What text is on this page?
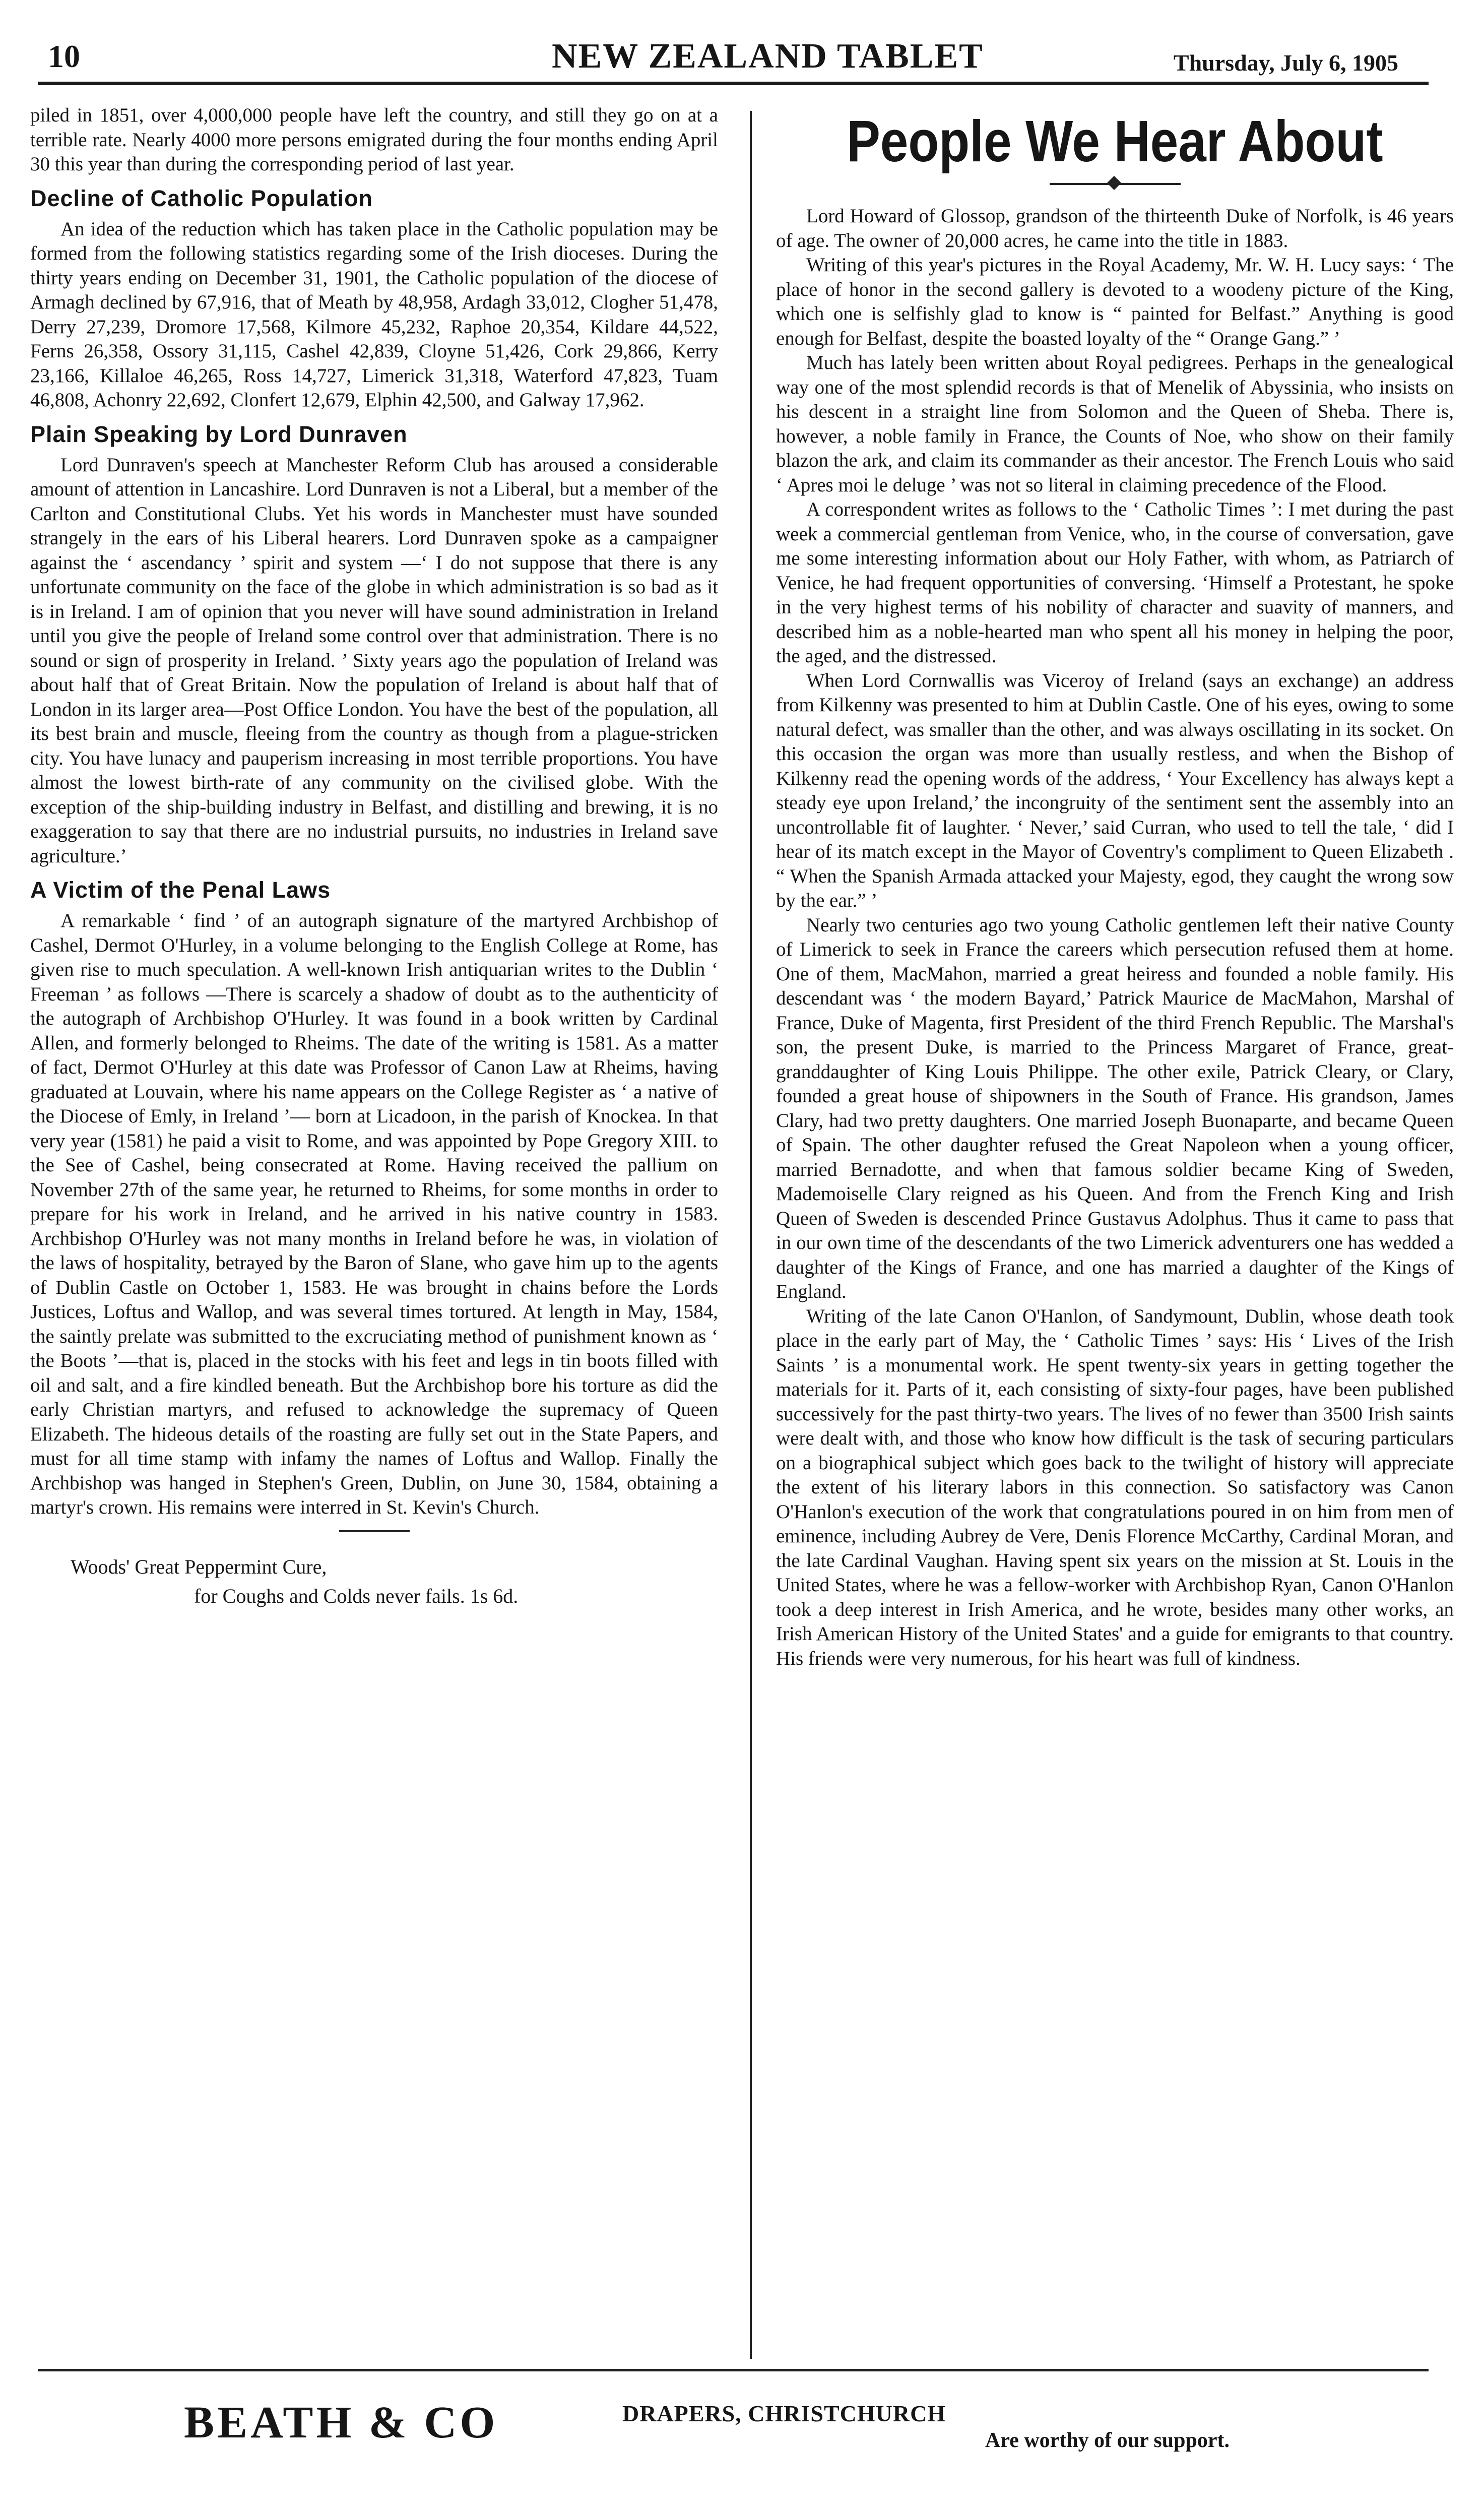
10	NEW ZEALAND TABLET	Thursday, July 6, 1905

piled in 1851, over 4,000,000 people have left the country, and still they go on at a terrible rate. Nearly 4000 more persons emigrated during the four months ending April 30 this year than during the corresponding period of last year.

Decline of Catholic Population

An idea of the reduction which has taken place in the Catholic population may be formed from the following statistics regarding some of the Irish dioceses. During the thirty years ending on December 31, 1901, the Catholic population of the diocese of Armagh declined by 67,916, that of Meath by 48,958, Ardagh 33,012, Clogher 51,478, Derry 27,239, Dromore 17,568, Kilmore 45,232, Raphoe 20,354, Kildare 44,522, Ferns 26,358, Ossory 31,115, Cashel 42,839, Cloyne 51,426, Cork 29,866, Kerry 23,166, Killaloe 46,265, Ross 14,727, Limerick 31,318, Waterford 47,823, Tuam 46,808, Achonry 22,692, Clonfert 12,679, Elphin 42,500, and Galway 17,962.

Plain Speaking by Lord Dunraven

Lord Dunraven's speech at Manchester Reform Club has aroused a considerable amount of attention in Lancashire. Lord Dunraven is not a Liberal, but a member of the Carlton and Constitutional Clubs. Yet his words in Manchester must have sounded strangely in the ears of his Liberal hearers. Lord Dunraven spoke as a campaigner against the ‘ ascendancy ’ spirit and system —‘ I do not suppose that there is any unfortunate community on the face of the globe in which administration is so bad as it is in Ireland. I am of opinion that you never will have sound administration in Ireland until you give the people of Ireland some control over that administration. There is no sound or sign of prosperity in Ireland. ’ Sixty years ago the population of Ireland was about half that of Great Britain. Now the population of Ireland is about half that of London in its larger area—Post Office London. You have the best of the population, all its best brain and muscle, fleeing from the country as though from a plague-stricken city. You have lunacy and pauperism increasing in most terrible proportions. You have almost the lowest birth-rate of any community on the civilised globe. With the exception of the ship-building industry in Belfast, and distilling and brewing, it is no exaggeration to say that there are no industrial pursuits, no industries in Ireland save agriculture.’

A Victim of the Penal Laws

A remarkable ‘ find ’ of an autograph signature of the martyred Archbishop of Cashel, Dermot O'Hurley, in a volume belonging to the English College at Rome, has given rise to much speculation. A well-known Irish antiquarian writes to the Dublin ‘ Freeman ’ as follows —There is scarcely a shadow of doubt as to the authenticity of the autograph of Archbishop O'Hurley. It was found in a book written by Cardinal Allen, and formerly belonged to Rheims. The date of the writing is 1581. As a matter of fact, Dermot O'Hurley at this date was Professor of Canon Law at Rheims, having graduated at Louvain, where his name appears on the College Register as ‘ a native of the Diocese of Emly, in Ireland ’— born at Licadoon, in the parish of Knockea. In that very year (1581) he paid a visit to Rome, and was appointed by Pope Gregory XIII. to the See of Cashel, being consecrated at Rome. Having received the pallium on November 27th of the same year, he returned to Rheims, for some months in order to prepare for his work in Ireland, and he arrived in his native country in 1583. Archbishop O'Hurley was not many months in Ireland before he was, in violation of the laws of hospitality, betrayed by the Baron of Slane, who gave him up to the agents of Dublin Castle on October 1, 1583. He was brought in chains before the Lords Justices, Loftus and Wallop, and was several times tortured. At length in May, 1584, the saintly prelate was submitted to the excruciating method of punishment known as ‘ the Boots ’—that is, placed in the stocks with his feet and legs in tin boots filled with oil and salt, and a fire kindled beneath. But the Archbishop bore his torture as did the early Christian martyrs, and refused to acknowledge the supremacy of Queen Elizabeth. The hideous details of the roasting are fully set out in the State Papers, and must for all time stamp with infamy the names of Loftus and Wallop. Finally the Archbishop was hanged in Stephen's Green, Dublin, on June 30, 1584, obtaining a martyr's crown. His remains were interred in St. Kevin's Church.

Woods' Great Peppermint Cure,
for Coughs and Colds never fails. 1s 6d.
People We Hear About

Lord Howard of Glossop, grandson of the thirteenth Duke of Norfolk, is 46 years of age. The owner of 20,000 acres, he came into the title in 1883.

Writing of this year's pictures in the Royal Academy, Mr. W. H. Lucy says: ‘ The place of honor in the second gallery is devoted to a woodeny picture of the King, which one is selfishly glad to know is “ painted for Belfast.” Anything is good enough for Belfast, despite the boasted loyalty of the “ Orange Gang.” ’

Much has lately been written about Royal pedigrees. Perhaps in the genealogical way one of the most splendid records is that of Menelik of Abyssinia, who insists on his descent in a straight line from Solomon and the Queen of Sheba. There is, however, a noble family in France, the Counts of Noe, who show on their family blazon the ark, and claim its commander as their ancestor. The French Louis who said ‘ Apres moi le deluge ’ was not so literal in claiming precedence of the Flood.

A correspondent writes as follows to the ‘ Catholic Times ’: I met during the past week a commercial gentleman from Venice, who, in the course of conversation, gave me some interesting information about our Holy Father, with whom, as Patriarch of Venice, he had frequent opportunities of conversing. ‘Himself a Protestant, he spoke in the very highest terms of his nobility of character and suavity of manners, and described him as a noble-hearted man who spent all his money in helping the poor, the aged, and the distressed.

When Lord Cornwallis was Viceroy of Ireland (says an exchange) an address from Kilkenny was presented to him at Dublin Castle. One of his eyes, owing to some natural defect, was smaller than the other, and was always oscillating in its socket. On this occasion the organ was more than usually restless, and when the Bishop of Kilkenny read the opening words of the address, ‘ Your Excellency has always kept a steady eye upon Ireland,’ the incongruity of the sentiment sent the assembly into an uncontrollable fit of laughter. ‘ Never,’ said Curran, who used to tell the tale, ‘ did I hear of its match except in the Mayor of Coventry's compliment to Queen Elizabeth . “ When the Spanish Armada attacked your Majesty, egod, they caught the wrong sow by the ear.” ’

Nearly two centuries ago two young Catholic gentlemen left their native County of Limerick to seek in France the careers which persecution refused them at home. One of them, MacMahon, married a great heiress and founded a noble family. His descendant was ‘ the modern Bayard,’ Patrick Maurice de MacMahon, Marshal of France, Duke of Magenta, first President of the third French Republic. The Marshal's son, the present Duke, is married to the Princess Margaret of France, great-granddaughter of King Louis Philippe. The other exile, Patrick Cleary, or Clary, founded a great house of shipowners in the South of France. His grandson, James Clary, had two pretty daughters. One married Joseph Buonaparte, and became Queen of Spain. The other daughter refused the Great Napoleon when a young officer, married Bernadotte, and when that famous soldier became King of Sweden, Mademoiselle Clary reigned as his Queen. And from the French King and Irish Queen of Sweden is descended Prince Gustavus Adolphus. Thus it came to pass that in our own time of the descendants of the two Limerick adventurers one has wedded a daughter of the Kings of France, and one has married a daughter of the Kings of England.

Writing of the late Canon O'Hanlon, of Sandymount, Dublin, whose death took place in the early part of May, the ‘ Catholic Times ’ says: His ‘ Lives of the Irish Saints ’ is a monumental work. He spent twenty-six years in getting together the materials for it. Parts of it, each consisting of sixty-four pages, have been published successively for the past thirty-two years. The lives of no fewer than 3500 Irish saints were dealt with, and those who know how difficult is the task of securing particulars on a biographical subject which goes back to the twilight of history will appreciate the extent of his literary labors in this connection. So satisfactory was Canon O'Hanlon's execution of the work that congratulations poured in on him from men of eminence, including Aubrey de Vere, Denis Florence McCarthy, Cardinal Moran, and the late Cardinal Vaughan. Having spent six years on the mission at St. Louis in the United States, where he was a fellow-worker with Archbishop Ryan, Canon O'Hanlon took a deep interest in Irish America, and he wrote, besides many other works, an Irish American History of the United States' and a guide for emigrants to that country. His friends were very numerous, for his heart was full of kindness.

BEATH & CO	DRAPERS, CHRISTCHURCH
Are worthy of our support.
